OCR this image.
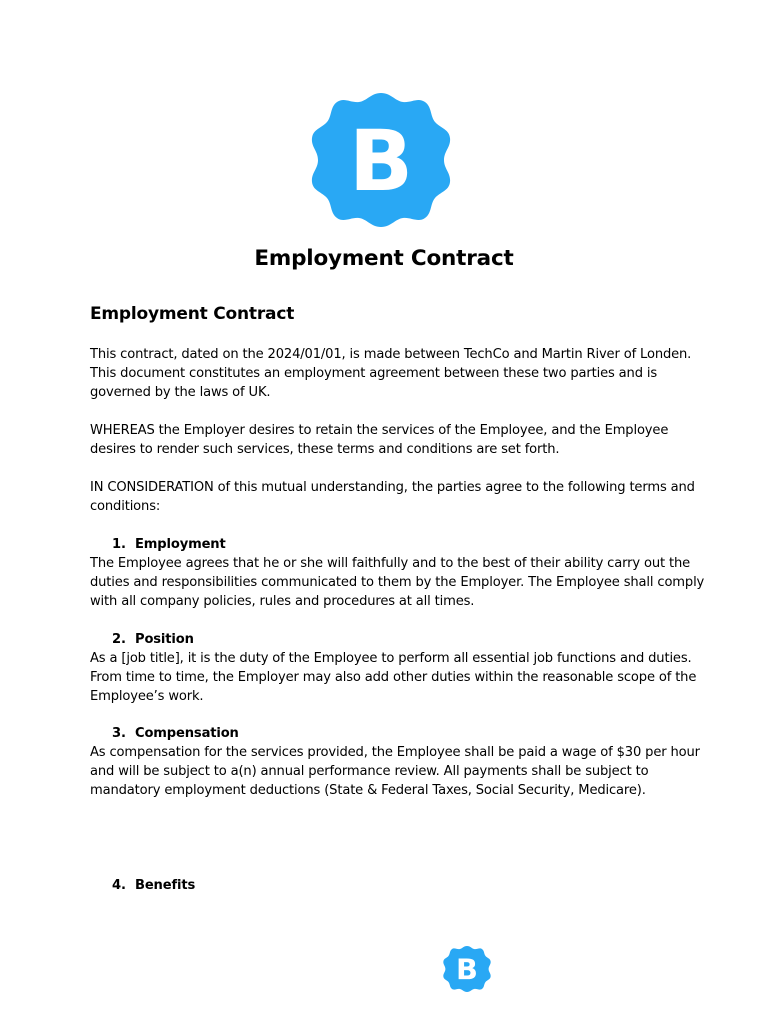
B
Employment Contract
Employment Contract
This contract, dated on the 2024/01/01, is made between TechCo and Martin River of Londen.
This document constitutes an employment agreement between these two parties and is
governed by the laws of UK.
WHEREAS the Employer desires to retain the services of the Employee, and the Employee
desires to render such services, these terms and conditions are set forth.
IN CONSIDERATION of this mutual understanding, the parties agree to the following terms and
conditions:
1. Employment
The Employee agrees that he or she will faithfully and to the best of their ability carry out the
duties and responsibilities communicated to them by the Employer. The Employee shall comply
with all company policies, rules and procedures at all times.
2. Position
As a [job title], it is the duty of the Employee to perform all essential job functions and duties.
From time to time, the Employer may also add other duties within the reasonable scope of the
Employee’s work.
3. Compensation
As compensation for the services provided, the Employee shall be paid a wage of $30 per hour
and will be subject to a(n) annual performance review. All payments shall be subject to
mandatory employment deductions (State & Federal Taxes, Social Security, Medicare).
4. Benefits
B
